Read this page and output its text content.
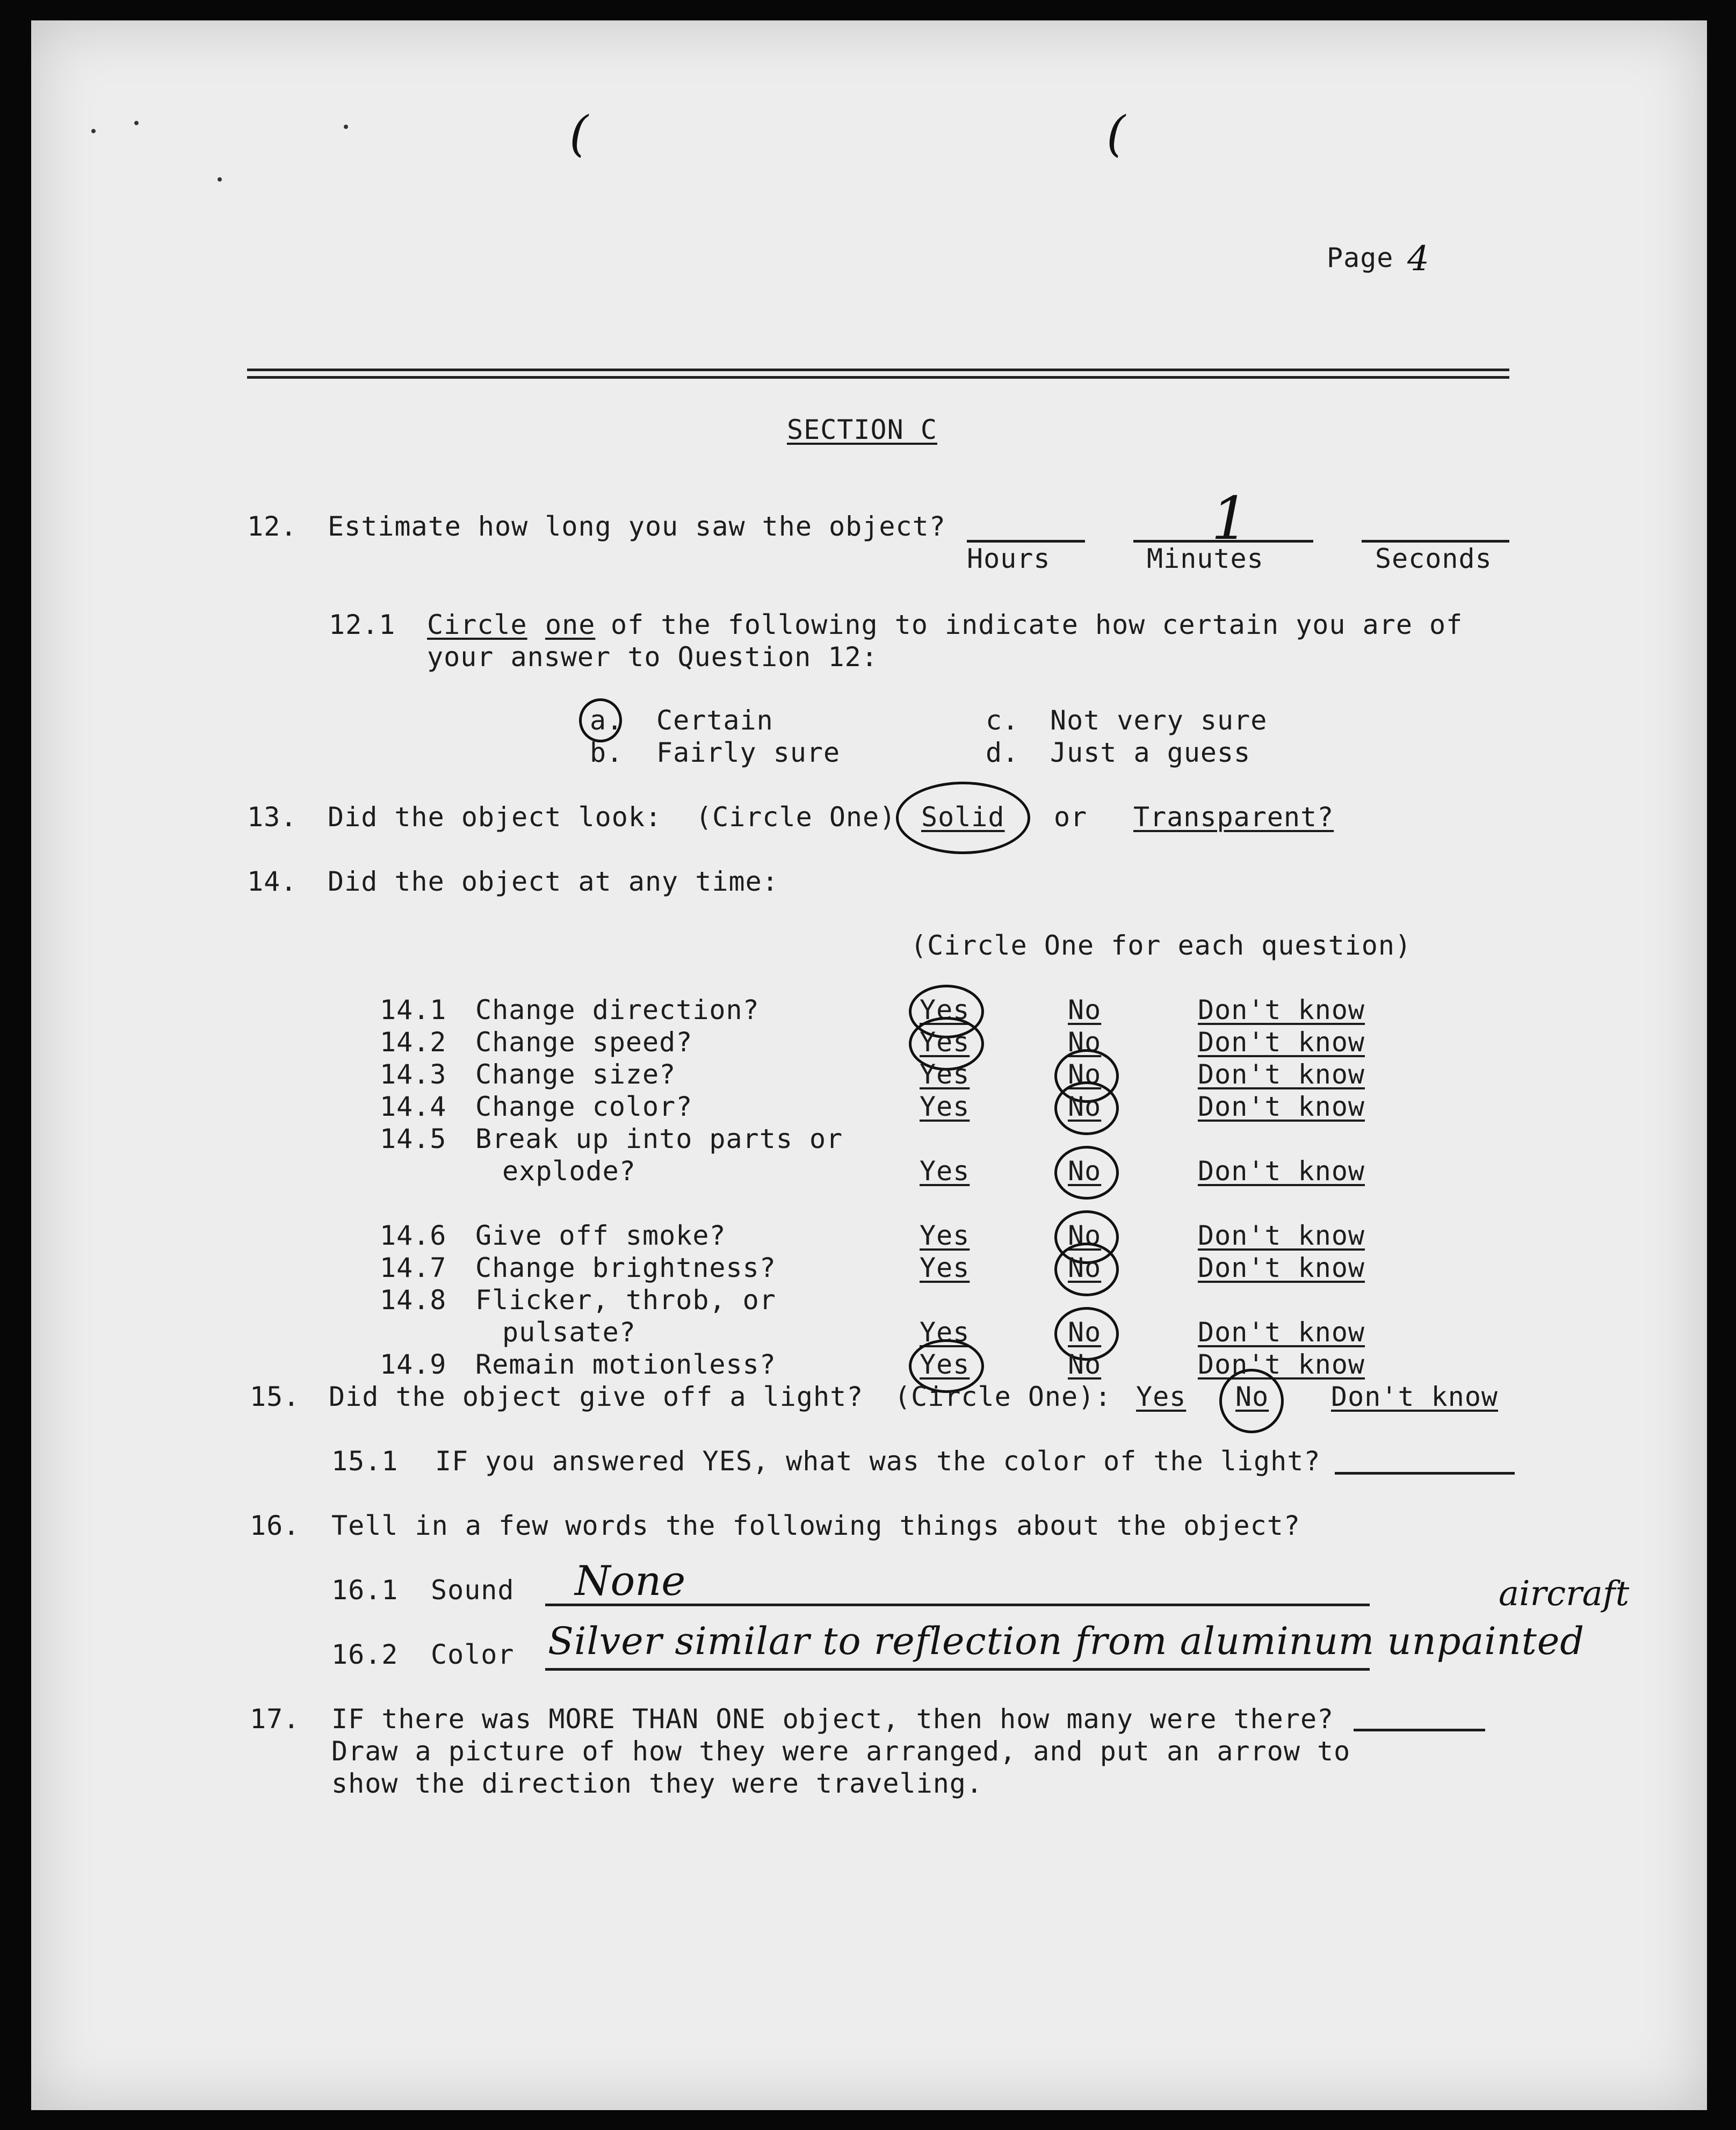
(	(
Page 4
SECTION C
12. Estimate how long you saw the object?
Hours
1
Minutes	Seconds
12.1 Circle one of the following to indicate how certain you are of
your answer to Question 12:
a. Certain
b. Fairly sure
c. Not very sure
d. Just a guess
13. Did the object look: (Circle One) Solid or Transparent?
14. Did the object at any time:
(Circle One for each question)
14.1 Change direction?	Yes	No	Don't know
14.2 Change speed?	Yes	No	Don't know
14.3 Change size?	Yes	No	Don't know
14.4 Change color?	Yes	No	Don't know
14.5 Break up into parts or
explode?	Yes	No	Don't know
14.6 Give off smoke?	Yes	No	Don't know
14.7 Change brightness?	Yes	No	Don't know
14.8 Flicker, throb, or
pulsate?	Yes	No	Don't know
14.9 Remain motionless?	Yes	No	Don't know
15. Did the object give off a light? (Circle One): Yes No Don't know
15.1 IF you answered YES, what was the color of the light?
16. Tell in a few words the following things about the object?
16.1 Sound None
16.2 Color Silver similar to reflection from aluminum unpainted
aircraft
17. IF there was MORE THAN ONE object, then how many were there?
Draw a picture of how they were arranged, and put an arrow to
show the direction they were traveling.
